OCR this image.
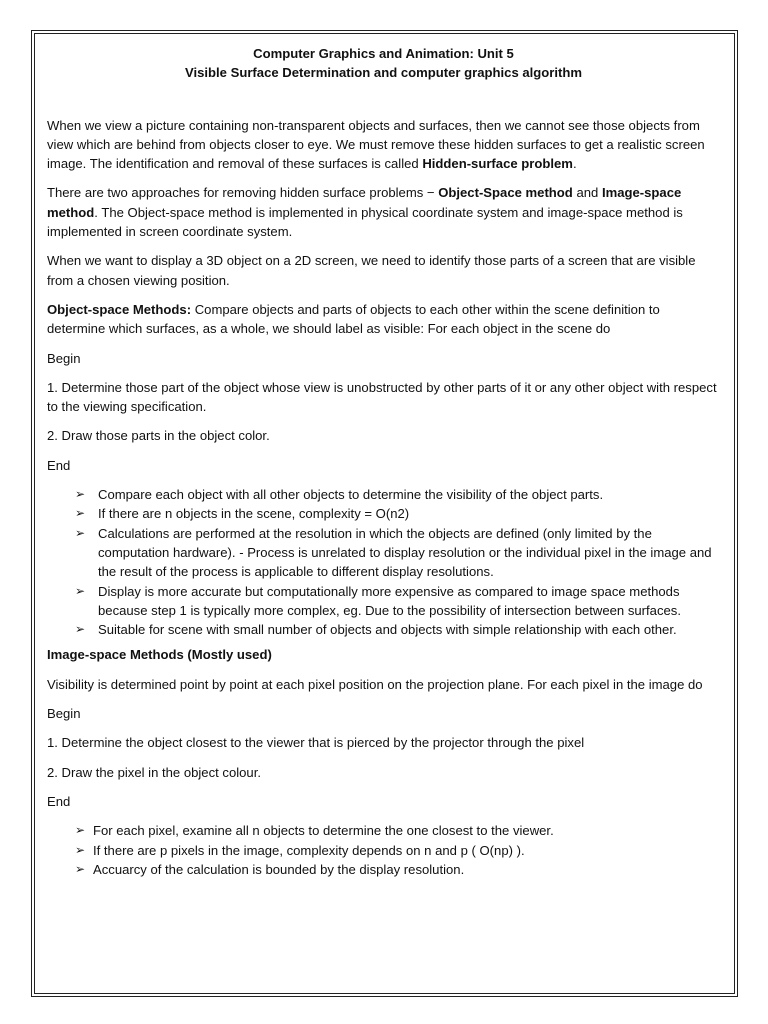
Computer Graphics and Animation: Unit 5
Visible Surface Determination and computer graphics algorithm

When we view a picture containing non-transparent objects and surfaces, then we cannot see those objects from view which are behind from objects closer to eye. We must remove these hidden surfaces to get a realistic screen image. The identification and removal of these surfaces is called Hidden-surface problem.

There are two approaches for removing hidden surface problems − Object-Space method and Image-space method. The Object-space method is implemented in physical coordinate system and image-space method is implemented in screen coordinate system.

When we want to display a 3D object on a 2D screen, we need to identify those parts of a screen that are visible from a chosen viewing position.

Object-space Methods: Compare objects and parts of objects to each other within the scene definition to determine which surfaces, as a whole, we should label as visible: For each object in the scene do

Begin

1. Determine those part of the object whose view is unobstructed by other parts of it or any other object with respect to the viewing specification.

2. Draw those parts in the object color.

End

➢ Compare each object with all other objects to determine the visibility of the object parts.
➢ If there are n objects in the scene, complexity = O(n2)
➢ Calculations are performed at the resolution in which the objects are defined (only limited by the computation hardware). - Process is unrelated to display resolution or the individual pixel in the image and the result of the process is applicable to different display resolutions.
➢ Display is more accurate but computationally more expensive as compared to image space methods because step 1 is typically more complex, eg. Due to the possibility of intersection between surfaces.
➢ Suitable for scene with small number of objects and objects with simple relationship with each other.

Image-space Methods (Mostly used)

Visibility is determined point by point at each pixel position on the projection plane. For each pixel in the image do

Begin

1. Determine the object closest to the viewer that is pierced by the projector through the pixel

2. Draw the pixel in the object colour.

End

➢ For each pixel, examine all n objects to determine the one closest to the viewer.
➢ If there are p pixels in the image, complexity depends on n and p ( O(np) ).
➢ Accuarcy of the calculation is bounded by the display resolution.
